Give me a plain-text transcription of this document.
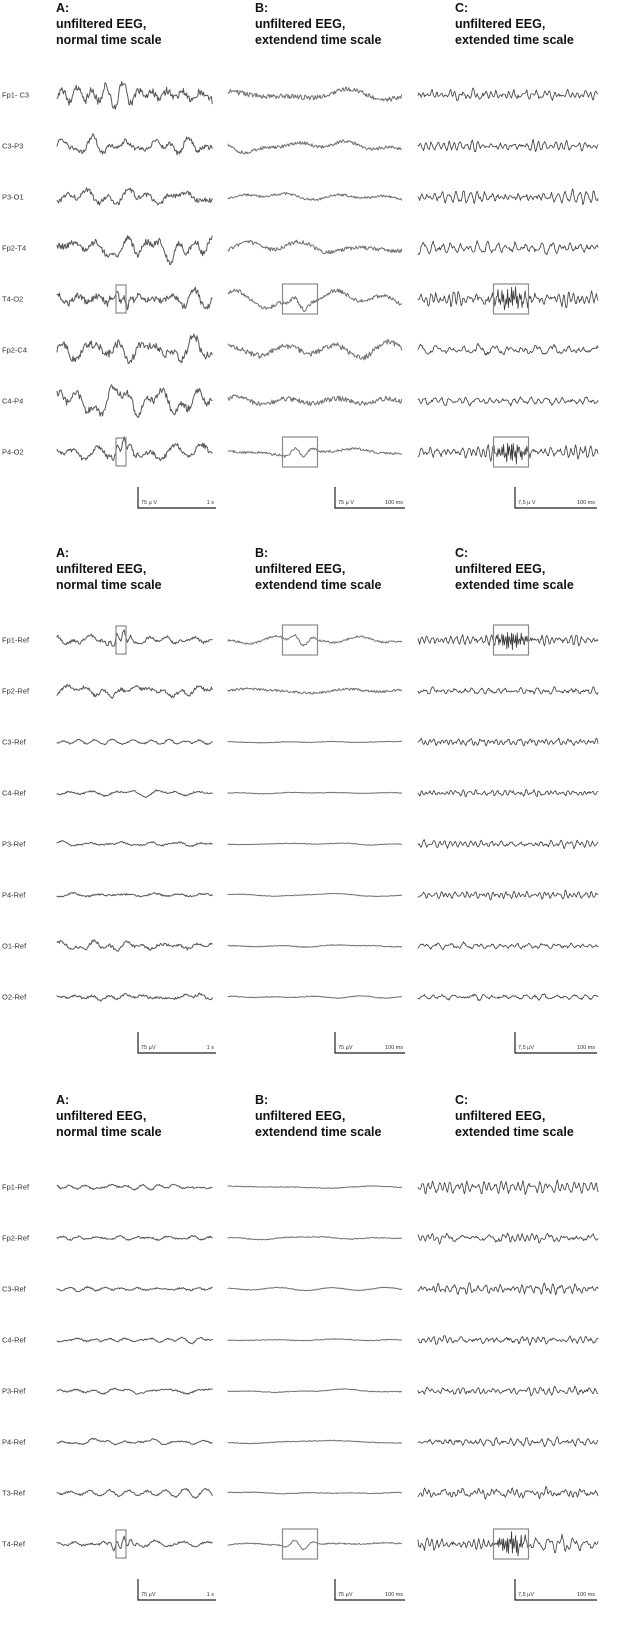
A:
unfiltered EEG,
normal time scale
B:
unfiltered EEG,
extendend time scale
C:
unfiltered EEG,
extended time scale
Fp1- C3
C3-P3
P3-O1
Fp2-T4
T4-O2
Fp2-C4
C4-P4
P4-O2
75 µ V	1 s	75 µ V	100 ms	7,5 µ V	100 ms
A:
unfiltered EEG,
normal time scale
B:
unfiltered EEG,
extendend time scale
C:
unfiltered EEG,
extended time scale
Fp1-Ref
Fp2-Ref
C3-Ref
C4-Ref
P3-Ref
P4-Ref
O1-Ref
O2-Ref
75 µV	1 s	75 µV	100 ms	7,5 µV	100 ms
A:
unfiltered EEG,
normal time scale
B:
unfiltered EEG,
extendend time scale
C:
unfiltered EEG,
extended time scale
Fp1-Ref
Fp2-Ref
C3-Ref
C4-Ref
P3-Ref
P4-Ref
T3-Ref
T4-Ref
75 µV	1 s	75 µV	100 ms	7,5 µV	100 ms
